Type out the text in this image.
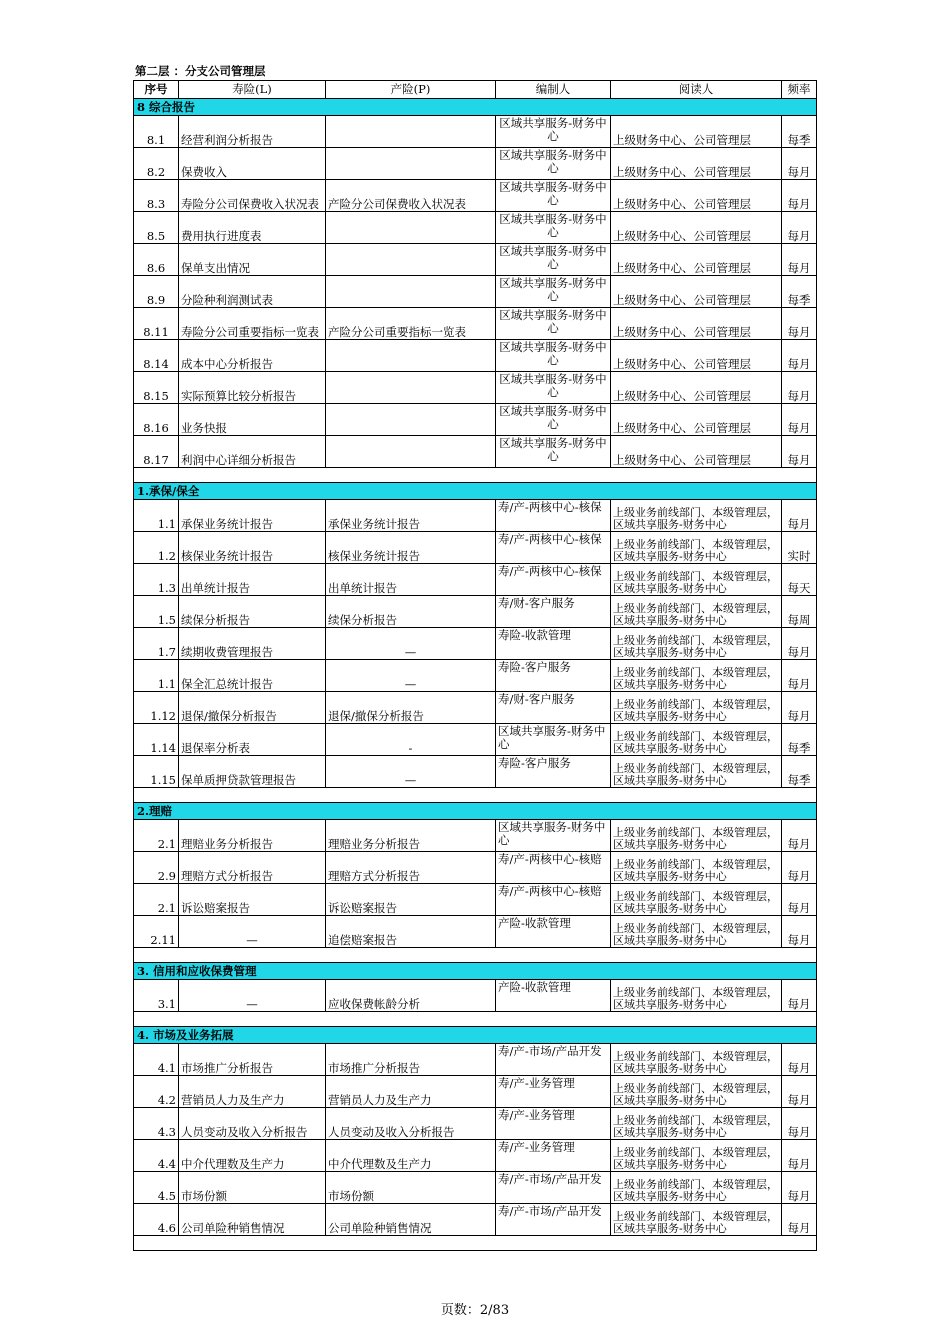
第二层 ：分支公司管理层
序号	寿险(L)	产险(P)	编制人	阅读人	频率
8 综合报告					
8.1	经营利润分析报告		区域共享服务-财务中心	上级财务中心、公司管理层	每季
8.2	保费收入		区域共享服务-财务中心	上级财务中心、公司管理层	每月
8.3	寿险分公司保费收入状况表	产险分公司保费收入状况表	区域共享服务-财务中心	上级财务中心、公司管理层	每月
8.5	费用执行进度表		区域共享服务-财务中心	上级财务中心、公司管理层	每月
8.6	保单支出情况		区域共享服务-财务中心	上级财务中心、公司管理层	每月
8.9	分险种利润测试表		区域共享服务-财务中心	上级财务中心、公司管理层	每季
8.11	寿险分公司重要指标一览表	产险分公司重要指标一览表	区域共享服务-财务中心	上级财务中心、公司管理层	每月
8.14	成本中心分析报告		区域共享服务-财务中心	上级财务中心、公司管理层	每月
8.15	实际预算比较分析报告		区域共享服务-财务中心	上级财务中心、公司管理层	每月
8.16	业务快报		区域共享服务-财务中心	上级财务中心、公司管理层	每月
8.17	利润中心详细分析报告		区域共享服务-财务中心	上级财务中心、公司管理层	每月

1.承保/保全					
1.1	承保业务统计报告	承保业务统计报告	寿/产-两核中心-核保	上级业务前线部门、本级管理层，区域共享服务-财务中心	每月
1.2	核保业务统计报告	核保业务统计报告	寿/产-两核中心-核保	上级业务前线部门、本级管理层，区域共享服务-财务中心	实时
1.3	出单统计报告	出单统计报告	寿/产-两核中心-核保	上级业务前线部门、本级管理层，区域共享服务-财务中心	每天
1.5	续保分析报告	续保分析报告	寿/财-客户服务	上级业务前线部门、本级管理层，区域共享服务-财务中心	每周
1.7	续期收费管理报告	—	寿险-收款管理	上级业务前线部门、本级管理层，区域共享服务-财务中心	每月
1.1	保全汇总统计报告	—	寿险-客户服务	上级业务前线部门、本级管理层，区域共享服务-财务中心	每月
1.12	退保/撤保分析报告	退保/撤保分析报告	寿/财-客户服务	上级业务前线部门、本级管理层，区域共享服务-财务中心	每月
1.14	退保率分析表	-	区域共享服务-财务中心	上级业务前线部门、本级管理层，区域共享服务-财务中心	每季
1.15	保单质押贷款管理报告	—	寿险-客户服务	上级业务前线部门、本级管理层，区域共享服务-财务中心	每季

2.理赔					
2.1	理赔业务分析报告	理赔业务分析报告	区域共享服务-财务中心	上级业务前线部门、本级管理层，区域共享服务-财务中心	每月
2.9	理赔方式分析报告	理赔方式分析报告	寿/产-两核中心-核赔	上级业务前线部门、本级管理层，区域共享服务-财务中心	每月
2.1	诉讼赔案报告	诉讼赔案报告	寿/产-两核中心-核赔	上级业务前线部门、本级管理层，区域共享服务-财务中心	每月
2.11	—	追偿赔案报告	产险-收款管理	上级业务前线部门、本级管理层，区域共享服务-财务中心	每月

3. 信用和应收保费管理					
3.1	—	应收保费帐龄分析	产险-收款管理	上级业务前线部门、本级管理层，区域共享服务-财务中心	每月

4. 市场及业务拓展					
4.1	市场推广分析报告	市场推广分析报告	寿/产-市场/产品开发	上级业务前线部门、本级管理层，区域共享服务-财务中心	每月
4.2	营销员人力及生产力	营销员人力及生产力	寿/产-业务管理	上级业务前线部门、本级管理层，区域共享服务-财务中心	每月
4.3	人员变动及收入分析报告	人员变动及收入分析报告	寿/产-业务管理	上级业务前线部门、本级管理层，区域共享服务-财务中心	每月
4.4	中介代理数及生产力	中介代理数及生产力	寿/产-业务管理	上级业务前线部门、本级管理层，区域共享服务-财务中心	每月
4.5	市场份额	市场份额	寿/产-市场/产品开发	上级业务前线部门、本级管理层，区域共享服务-财务中心	每月
4.6	公司单险种销售情况	公司单险种销售情况	寿/产-市场/产品开发	上级业务前线部门、本级管理层，区域共享服务-财务中心	每月

页数：2/83
